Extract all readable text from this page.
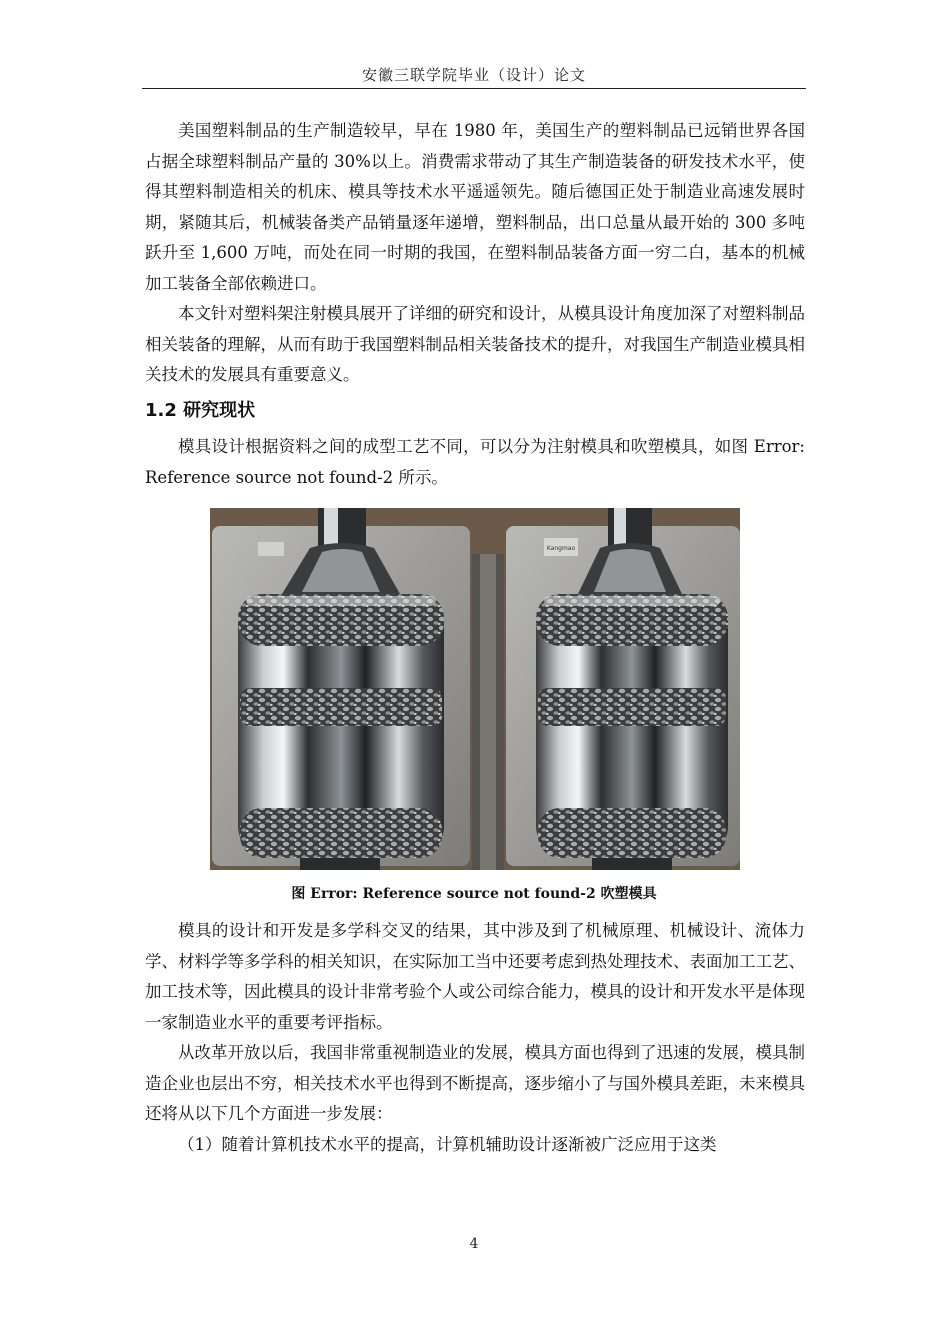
安徽三联学院毕业（设计）论文

美国塑料制品的生产制造较早，早在 1980 年，美国生产的塑料制品已远销世界各国占据全球塑料制品产量的 30%以上。消费需求带动了其生产制造装备的研发技术水平，使得其塑料制造相关的机床、模具等技术水平遥遥领先。随后德国正处于制造业高速发展时期，紧随其后，机械装备类产品销量逐年递增，塑料制品，出口总量从最开始的 300 多吨跃升至 1,600 万吨，而处在同一时期的我国，在塑料制品装备方面一穷二白，基本的机械加工装备全部依赖进口。

本文针对塑料架注射模具展开了详细的研究和设计，从模具设计角度加深了对塑料制品相关装备的理解，从而有助于我国塑料制品相关装备技术的提升，对我国生产制造业模具相关技术的发展具有重要意义。

1.2 研究现状

模具设计根据资料之间的成型工艺不同，可以分为注射模具和吹塑模具，如图 Error: Reference source not found-2 所示。

Kangmao
图 Error: Reference source not found-2 吹塑模具

模具的设计和开发是多学科交叉的结果，其中涉及到了机械原理、机械设计、流体力学、材料学等多学科的相关知识，在实际加工当中还要考虑到热处理技术、表面加工工艺、加工技术等，因此模具的设计非常考验个人或公司综合能力，模具的设计和开发水平是体现一家制造业水平的重要考评指标。

从改革开放以后，我国非常重视制造业的发展，模具方面也得到了迅速的发展，模具制造企业也层出不穷，相关技术水平也得到不断提高，逐步缩小了与国外模具差距，未来模具还将从以下几个方面进一步发展：

（1）随着计算机技术水平的提高，计算机辅助设计逐渐被广泛应用于这类

4
